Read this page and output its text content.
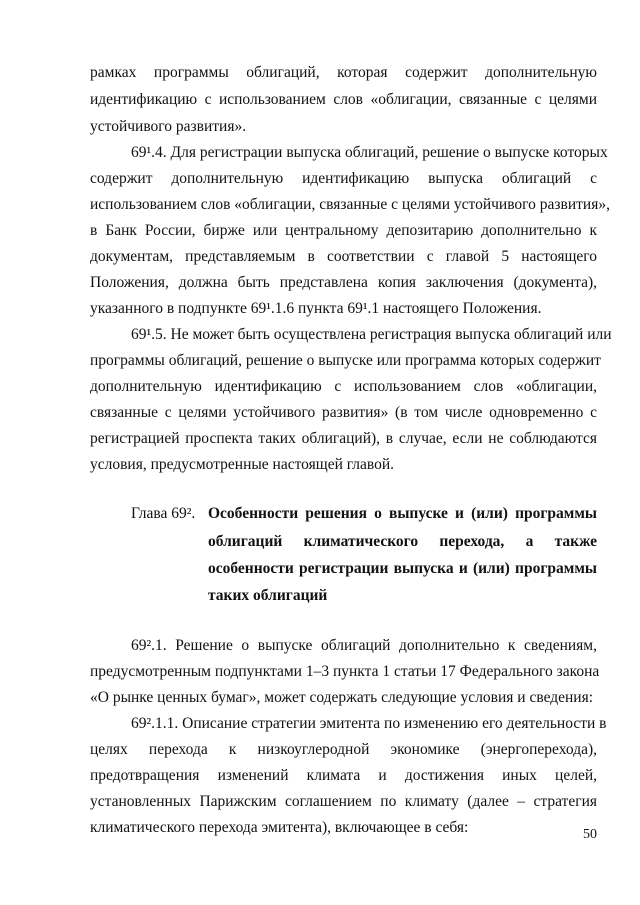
рамках программы облигаций, которая содержит дополнительную
идентификацию с использованием слов «облигации, связанные с целями
устойчивого развития».
69¹.4. Для регистрации выпуска облигаций, решение о выпуске которых
содержит дополнительную идентификацию выпуска облигаций с
использованием слов «облигации, связанные с целями устойчивого развития»,
в Банк России, бирже или центральному депозитарию дополнительно к
документам, представляемым в соответствии с главой 5 настоящего
Положения, должна быть представлена копия заключения (документа),
указанного в подпункте 69¹.1.6 пункта 69¹.1 настоящего Положения.
69¹.5. Не может быть осуществлена регистрация выпуска облигаций или
программы облигаций, решение о выпуске или программа которых содержит
дополнительную идентификацию с использованием слов «облигации,
связанные с целями устойчивого развития» (в том числе одновременно с
регистрацией проспекта таких облигаций), в случае, если не соблюдаются
условия, предусмотренные настоящей главой.
Глава 69². Особенности решения о выпуске и (или) программы
облигаций климатического перехода, а также
особенности регистрации выпуска и (или) программы
таких облигаций
69².1. Решение о выпуске облигаций дополнительно к сведениям,
предусмотренным подпунктами 1–3 пункта 1 статьи 17 Федерального закона
«О рынке ценных бумаг», может содержать следующие условия и сведения:
69².1.1. Описание стратегии эмитента по изменению его деятельности в
целях перехода к низкоуглеродной экономике (энергоперехода),
предотвращения изменений климата и достижения иных целей,
установленных Парижским соглашением по климату (далее – стратегия
климатического перехода эмитента), включающее в себя:	50
